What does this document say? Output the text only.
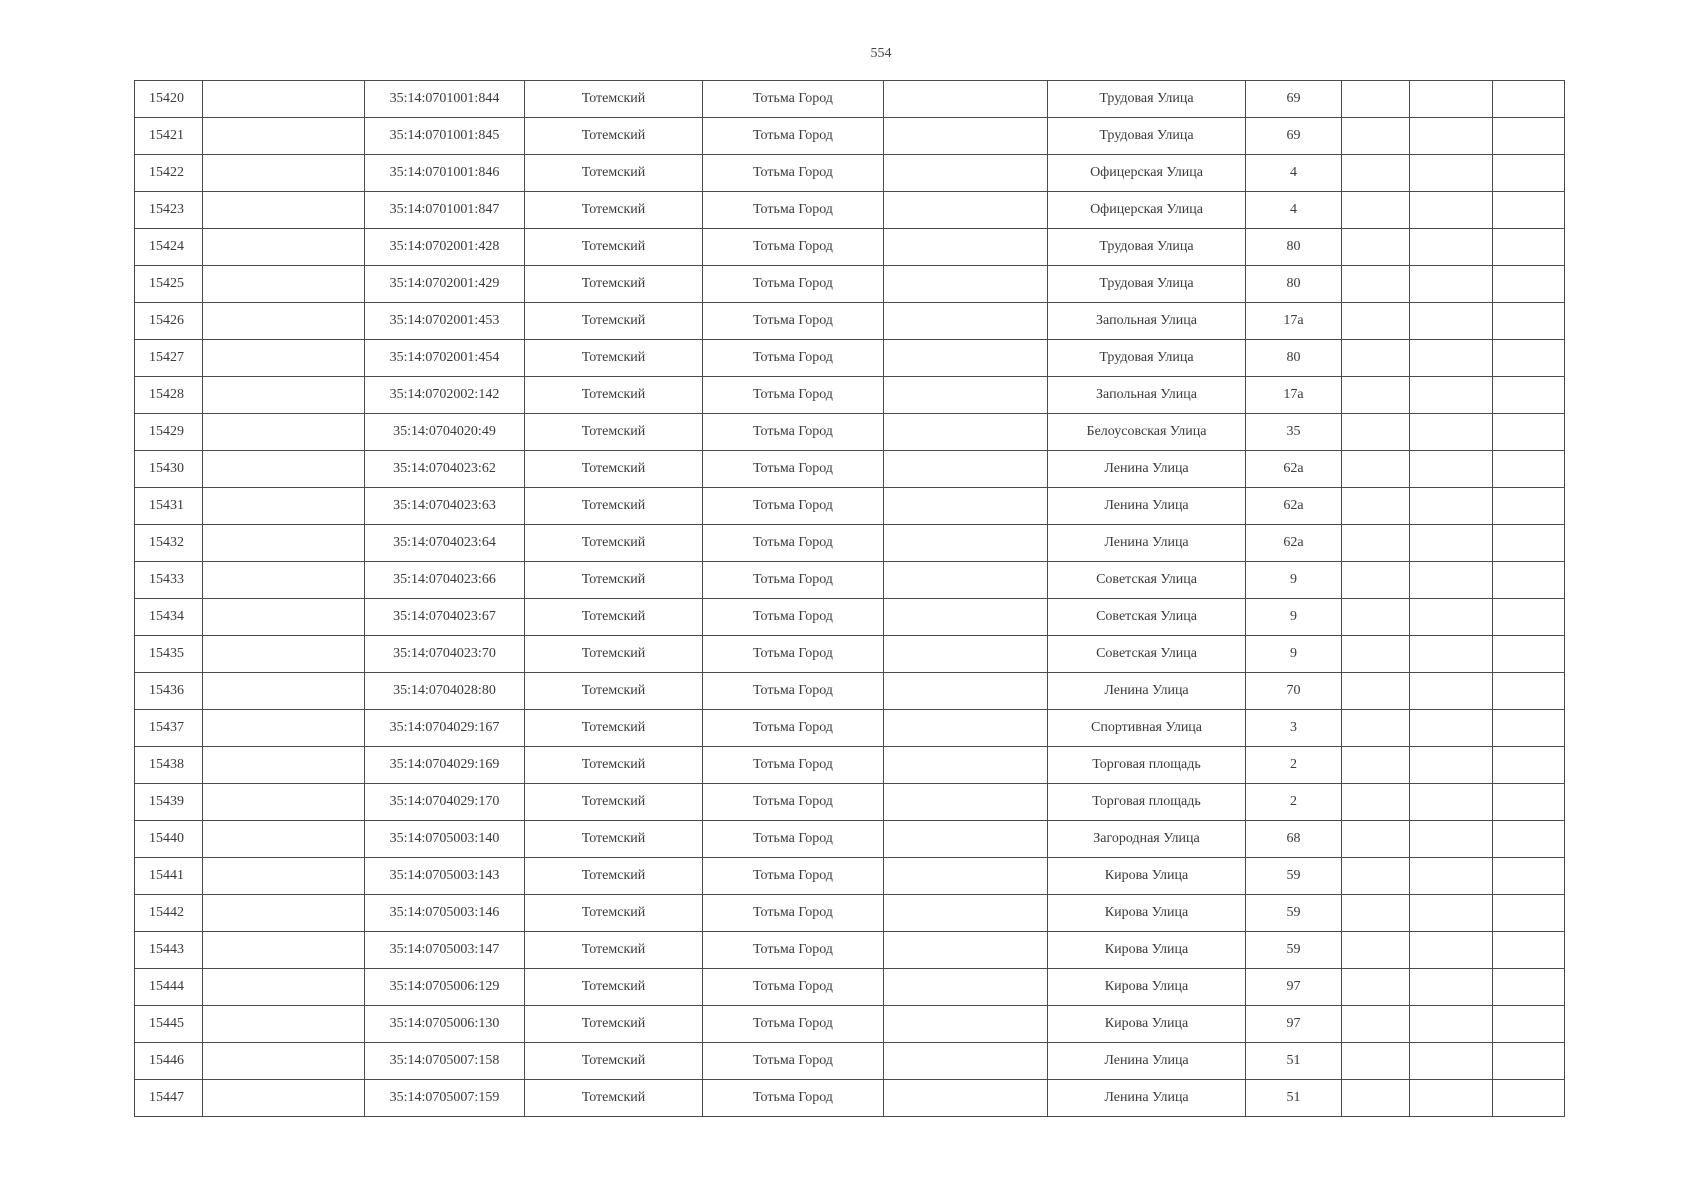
554
15420		35:14:0701001:844	Тотемский	Тотьма Город		Трудовая Улица	69			
15421		35:14:0701001:845	Тотемский	Тотьма Город		Трудовая Улица	69			
15422		35:14:0701001:846	Тотемский	Тотьма Город		Офицерская Улица	4			
15423		35:14:0701001:847	Тотемский	Тотьма Город		Офицерская Улица	4			
15424		35:14:0702001:428	Тотемский	Тотьма Город		Трудовая Улица	80			
15425		35:14:0702001:429	Тотемский	Тотьма Город		Трудовая Улица	80			
15426		35:14:0702001:453	Тотемский	Тотьма Город		Запольная Улица	17а			
15427		35:14:0702001:454	Тотемский	Тотьма Город		Трудовая Улица	80			
15428		35:14:0702002:142	Тотемский	Тотьма Город		Запольная Улица	17а			
15429		35:14:0704020:49	Тотемский	Тотьма Город		Белоусовская Улица	35			
15430		35:14:0704023:62	Тотемский	Тотьма Город		Ленина Улица	62а			
15431		35:14:0704023:63	Тотемский	Тотьма Город		Ленина Улица	62а			
15432		35:14:0704023:64	Тотемский	Тотьма Город		Ленина Улица	62а			
15433		35:14:0704023:66	Тотемский	Тотьма Город		Советская Улица	9			
15434		35:14:0704023:67	Тотемский	Тотьма Город		Советская Улица	9			
15435		35:14:0704023:70	Тотемский	Тотьма Город		Советская Улица	9			
15436		35:14:0704028:80	Тотемский	Тотьма Город		Ленина Улица	70			
15437		35:14:0704029:167	Тотемский	Тотьма Город		Спортивная Улица	3			
15438		35:14:0704029:169	Тотемский	Тотьма Город		Торговая площадь	2			
15439		35:14:0704029:170	Тотемский	Тотьма Город		Торговая площадь	2			
15440		35:14:0705003:140	Тотемский	Тотьма Город		Загородная Улица	68			
15441		35:14:0705003:143	Тотемский	Тотьма Город		Кирова Улица	59			
15442		35:14:0705003:146	Тотемский	Тотьма Город		Кирова Улица	59			
15443		35:14:0705003:147	Тотемский	Тотьма Город		Кирова Улица	59			
15444		35:14:0705006:129	Тотемский	Тотьма Город		Кирова Улица	97			
15445		35:14:0705006:130	Тотемский	Тотьма Город		Кирова Улица	97			
15446		35:14:0705007:158	Тотемский	Тотьма Город		Ленина Улица	51			
15447		35:14:0705007:159	Тотемский	Тотьма Город		Ленина Улица	51			
